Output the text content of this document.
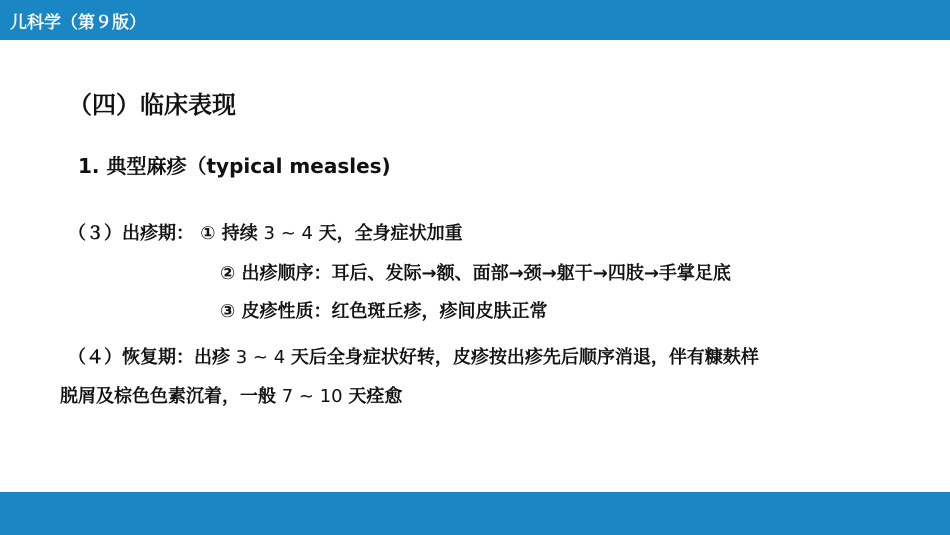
儿科学（第９版）
（四）临床表现
1. 典型麻疹（typical measles)
（３）出疹期： ① 持续 3 ~ 4 天，全身症状加重
② 出疹顺序：耳后、发际→额、面部→颈→躯干→四肢→手掌足底
③ 皮疹性质：红色斑丘疹，疹间皮肤正常
（４）恢复期：出疹 3 ~ 4 天后全身症状好转，皮疹按出疹先后顺序消退，伴有糠麸样
脱屑及棕色色素沉着，一般 7 ~ 10 天痊愈
